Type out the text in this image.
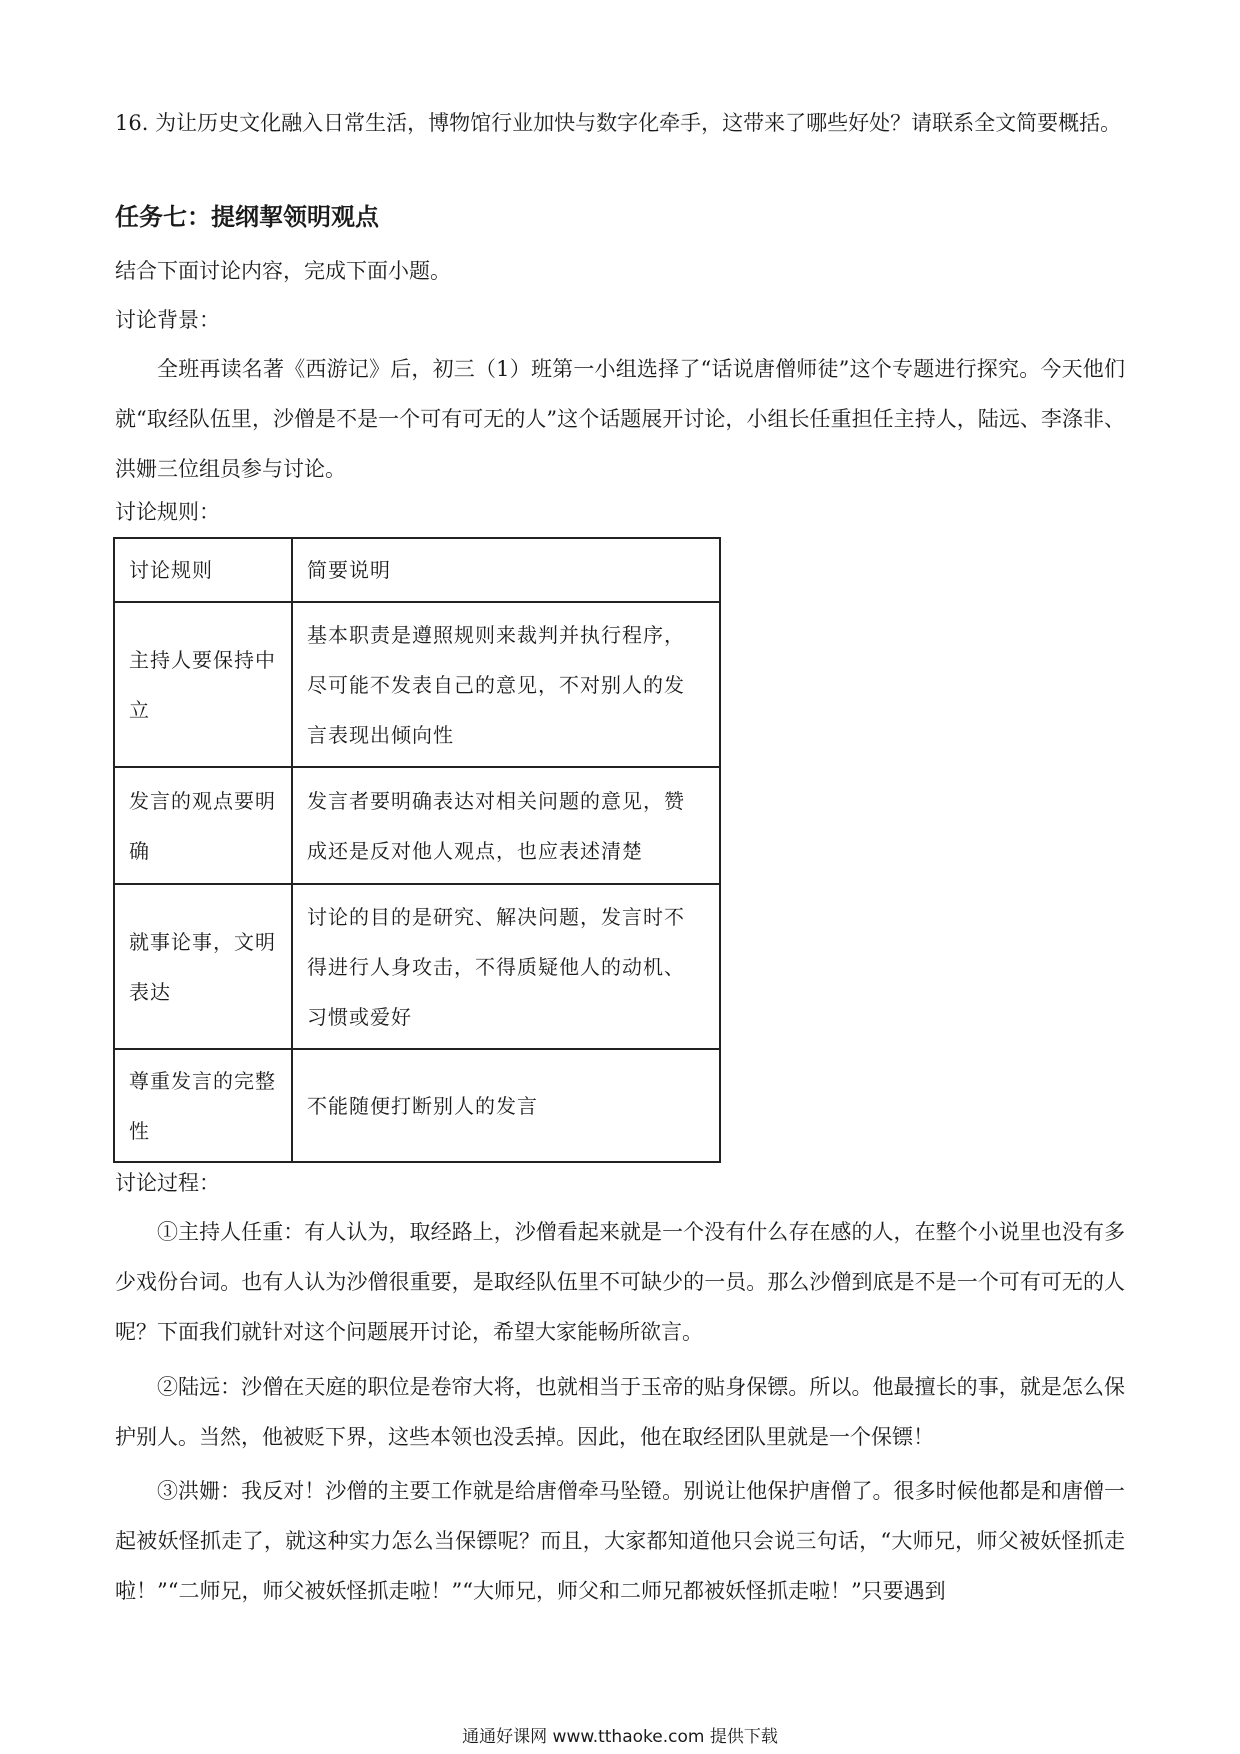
16. 为让历史文化融入日常生活，博物馆行业加快与数字化牵手，这带来了哪些好处？请联系全文简要概括。
任务七：提纲挈领明观点
结合下面讨论内容，完成下面小题。
讨论背景：
全班再读名著《西游记》后，初三（1）班第一小组选择了“话说唐僧师徒”这个专题进行探究。今天他们就“取经队伍里，沙僧是不是一个可有可无的人”这个话题展开讨论，小组长任重担任主持人，陆远、李涤非、洪姗三位组员参与讨论。
讨论规则：
讨论规则	简要说明
主持人要保持中立	基本职责是遵照规则来裁判并执行程序，尽可能不发表自己的意见，不对别人的发言表现出倾向性
发言的观点要明确	发言者要明确表达对相关问题的意见，赞成还是反对他人观点，也应表述清楚
就事论事，文明表达	讨论的目的是研究、解决问题，发言时不得进行人身攻击，不得质疑他人的动机、习惯或爱好
尊重发言的完整性	不能随便打断别人的发言
讨论过程：
①主持人任重：有人认为，取经路上，沙僧看起来就是一个没有什么存在感的人，在整个小说里也没有多少戏份台词。也有人认为沙僧很重要，是取经队伍里不可缺少的一员。那么沙僧到底是不是一个可有可无的人呢？下面我们就针对这个问题展开讨论，希望大家能畅所欲言。
②陆远：沙僧在天庭的职位是卷帘大将，也就相当于玉帝的贴身保镖。所以。他最擅长的事，就是怎么保护别人。当然，他被贬下界，这些本领也没丢掉。因此，他在取经团队里就是一个保镖！
③洪姗：我反对！沙僧的主要工作就是给唐僧牵马坠镫。别说让他保护唐僧了。很多时候他都是和唐僧一起被妖怪抓走了，就这种实力怎么当保镖呢？而且，大家都知道他只会说三句话，“大师兄，师父被妖怪抓走啦！”“二师兄，师父被妖怪抓走啦！”“大师兄，师父和二师兄都被妖怪抓走啦！”只要遇到
通通好课网 www.tthaoke.com 提供下载
